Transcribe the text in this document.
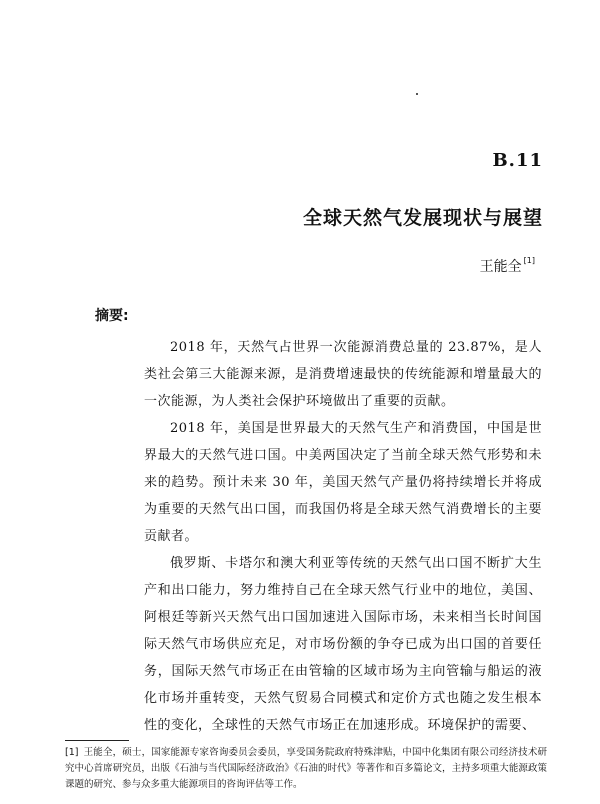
B.11
全球天然气发展现状与展望
王能全 [1]
摘要:

2018 年，天然气占世界一次能源消费总量的 23.87%，是人类社会第三大能源来源，是消费增速最快的传统能源和增量最大的一次能源，为人类社会保护环境做出了重要的贡献。

2018 年，美国是世界最大的天然气生产和消费国，中国是世界最大的天然气进口国。中美两国决定了当前全球天然气形势和未来的趋势。预计未来 30 年，美国天然气产量仍将持续增长并将成为重要的天然气出口国，而我国仍将是全球天然气消费增长的主要贡献者。

俄罗斯、卡塔尔和澳大利亚等传统的天然气出口国不断扩大生产和出口能力，努力维持自己在全球天然气行业中的地位，美国、阿根廷等新兴天然气出口国加速进入国际市场，未来相当长时间国际天然气市场供应充足，对市场份额的争夺已成为出口国的首要任务，国际天然气市场正在由管输的区域市场为主向管输与船运的液化市场并重转变，天然气贸易合同模式和定价方式也随之发生根本性的变化，全球性的天然气市场正在加速形成。环境保护的需要、

[1] 王能全，硕士，国家能源专家咨询委员会委员，享受国务院政府特殊津贴，中国中化集团有限公司经济技术研究中心首席研究员，出版《石油与当代国际经济政治》《石油的时代》等著作和百多篇论文，主持多项重大能源政策课题的研究、参与众多重大能源项目的咨询评估等工作。
